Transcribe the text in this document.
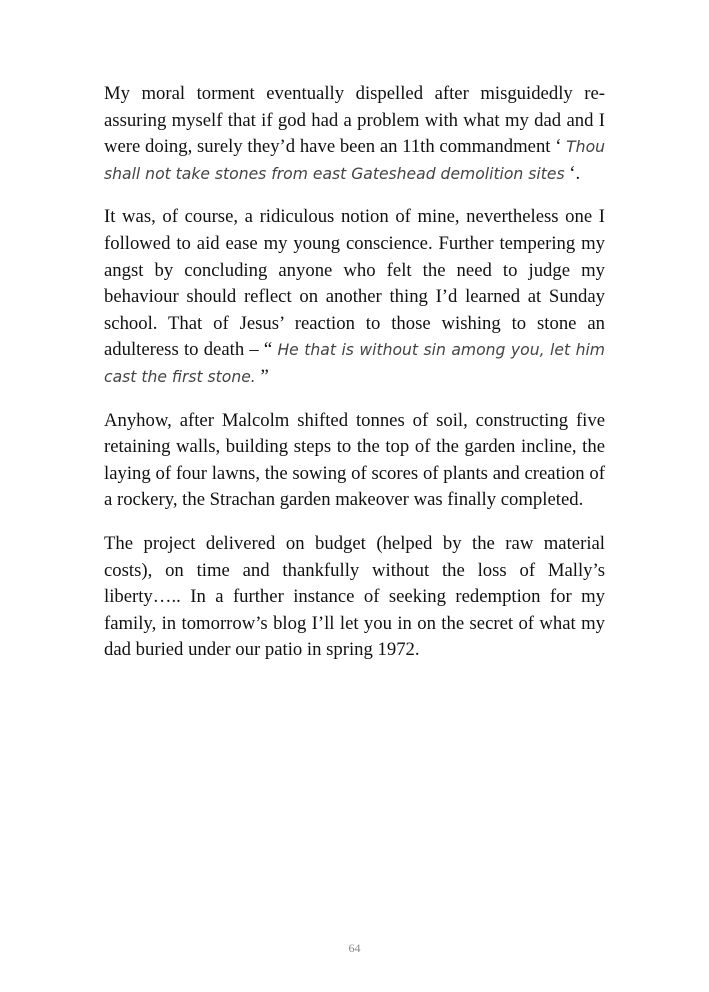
My moral torment eventually dispelled after misguidedly re-assuring myself that if god had a problem with what my dad and I were doing, surely they’d have been an 11th commandment ‘ Thou shall not take stones from east Gateshead demolition sites ‘.

It was, of course, a ridiculous notion of mine, nevertheless one I followed to aid ease my young conscience. Further tempering my angst by concluding anyone who felt the need to judge my behaviour should reflect on another thing I’d learned at Sunday school. That of Jesus’ reaction to those wishing to stone an adulteress to death – “ He that is without sin among you, let him cast the first stone. ”

Anyhow, after Malcolm shifted tonnes of soil, constructing five retaining walls, building steps to the top of the garden incline, the laying of four lawns, the sowing of scores of plants and creation of a rockery, the Strachan garden makeover was finally completed.

The project delivered on budget (helped by the raw material costs), on time and thankfully without the loss of Mally’s liberty….. In a further instance of seeking redemption for my family, in tomorrow’s blog I’ll let you in on the secret of what my dad buried under our patio in spring 1972.

64
